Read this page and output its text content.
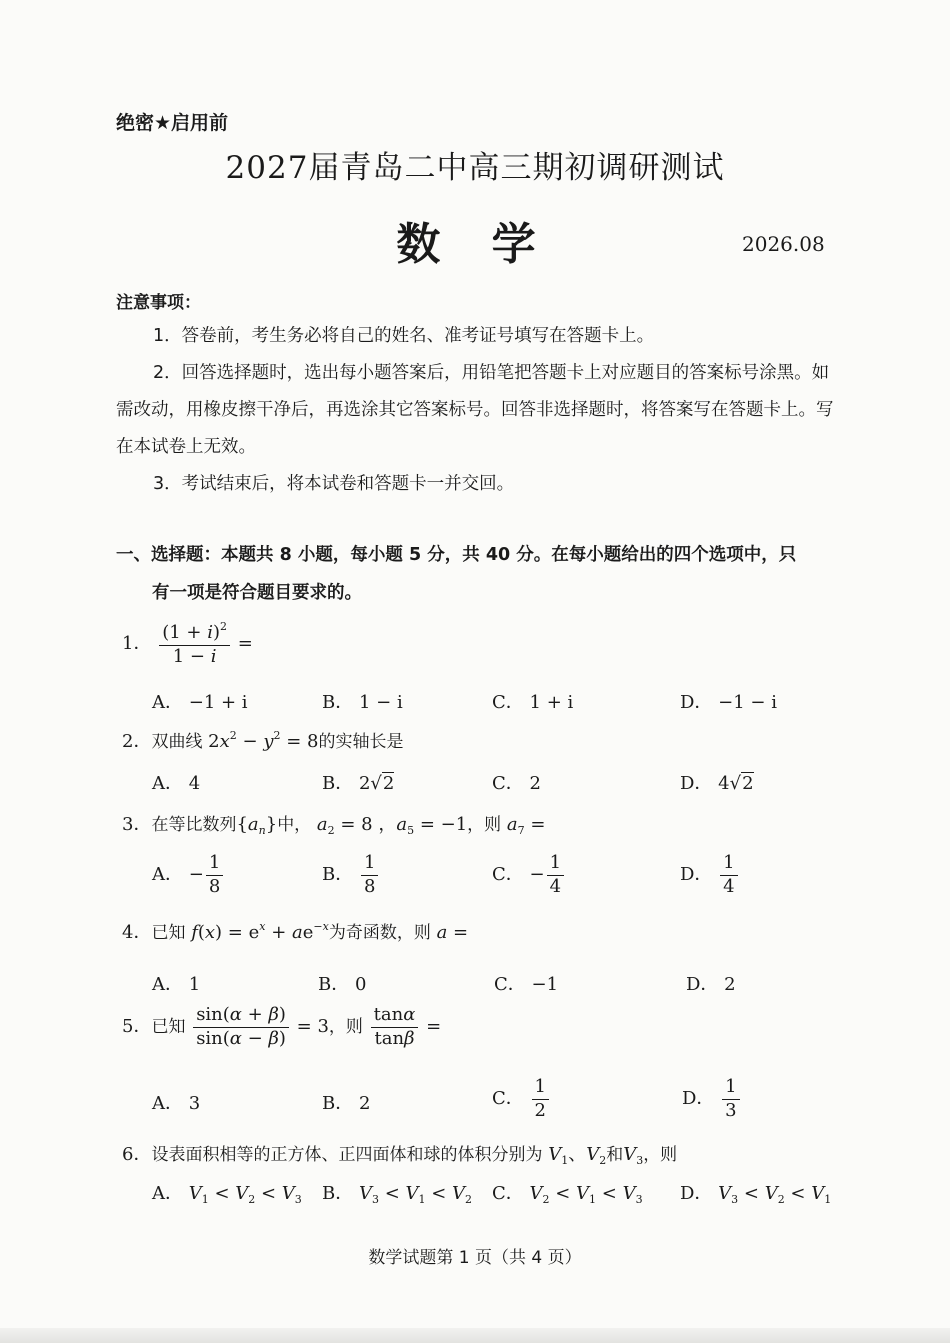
绝密★启用前
2027届青岛二中高三期初调研测试
数 学	2026.08
注意事项：
1．答卷前，考生务必将自己的姓名、准考证号填写在答题卡上。
2．回答选择题时，选出每小题答案后，用铅笔把答题卡上对应题目的答案标号涂黑。如需改动，用橡皮擦干净后，再选涂其它答案标号。回答非选择题时，将答案写在答题卡上。写在本试卷上无效。
3．考试结束后，将本试卷和答题卡一并交回。
一、选择题：本题共 8 小题，每小题 5 分，共 40 分。在每小题给出的四个选项中，只
有一项是符合题目要求的。
1． $\frac{(1 + i)^2}{1 - i}$ =
A． −1 + i	B． 1 − i	C． 1 + i	D． −1 − i
2．双曲线 $2x^2 - y^2 = 8$的实轴长是
A． 4	B． 2√2	C． 2	D． 4√2
3．在等比数列$\{a_n\}$中， $a_2 = 8$ ，$a_5 = -1$，则 $a_7$ =
A． − $\frac{1}{8}$	B． $\frac{1}{8}$	C． − $\frac{1}{4}$	D． $\frac{1}{4}$
4．已知 $f(x) = e^x + ae^{-x}$为奇函数，则 a =
A． 1	B． 0	C． −1	D． 2
5．已知 $\frac{\sin(\alpha + \beta)}{\sin(\alpha - \beta)} = 3$，则 $\frac{\tan\alpha}{\tan\beta}$ =
A． 3	B． 2	C． $\frac{1}{2}$	D． $\frac{1}{3}$
6．设表面积相等的正方体、正四面体和球的体积分别为 $V_1$、$V_2$和$V_3$，则
A． $V_1 < V_2 < V_3$ B． $V_3 < V_1 < V_2$ C． $V_2 < V_1 < V_3$ D． $V_3 < V_2 < V_1$
数学试题第 1 页（共 4 页）
